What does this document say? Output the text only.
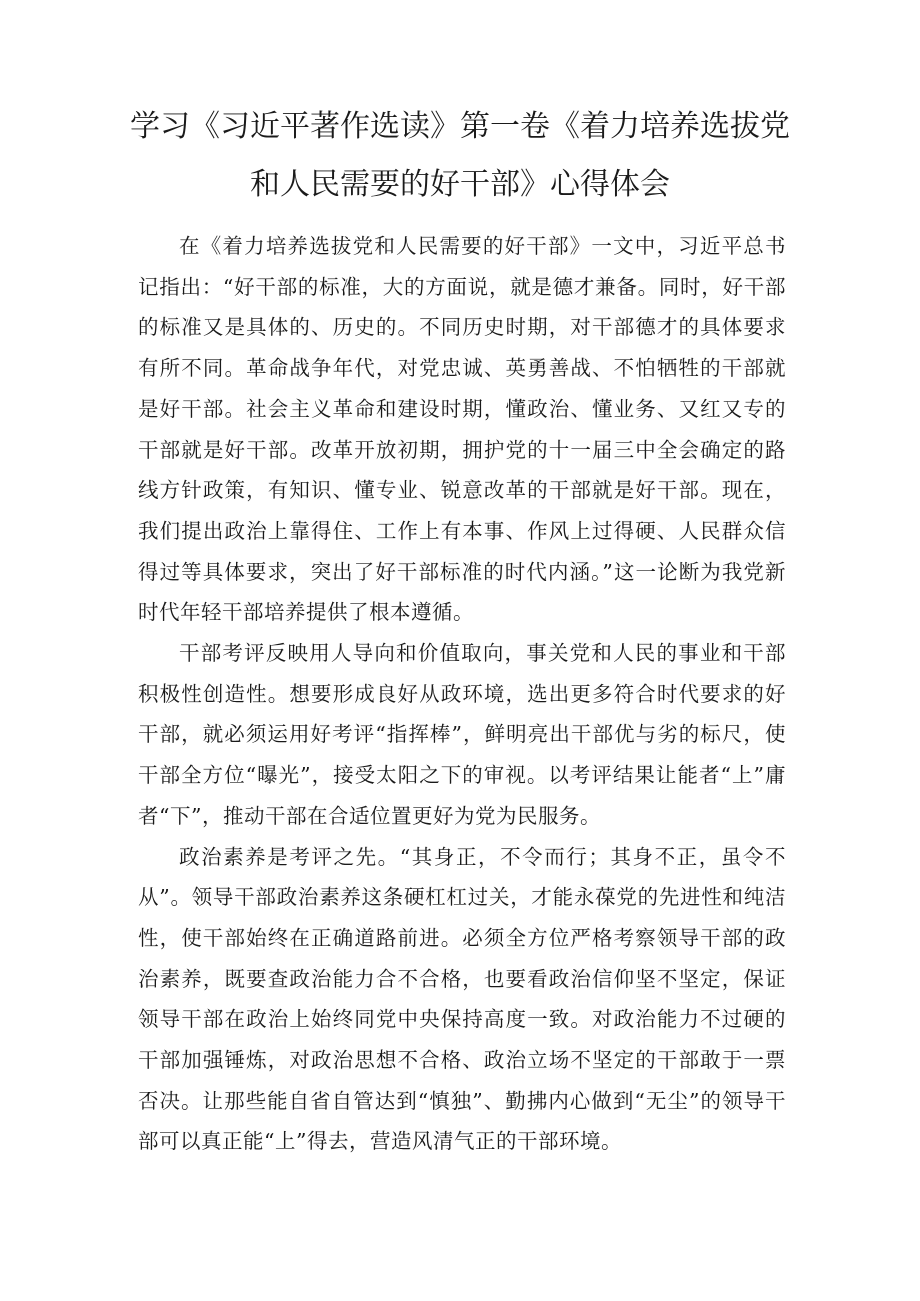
学习《习近平著作选读》第一卷《着力培养选拔党
和人民需要的好干部》心得体会

在《着力培养选拔党和人民需要的好干部》一文中，习近平总书记指出：“好干部的标准，大的方面说，就是德才兼备。同时，好干部的标准又是具体的、历史的。不同历史时期，对干部德才的具体要求有所不同。革命战争年代，对党忠诚、英勇善战、不怕牺牲的干部就是好干部。社会主义革命和建设时期，懂政治、懂业务、又红又专的干部就是好干部。改革开放初期，拥护党的十一届三中全会确定的路线方针政策，有知识、懂专业、锐意改革的干部就是好干部。现在，我们提出政治上靠得住、工作上有本事、作风上过得硬、人民群众信得过等具体要求，突出了好干部标准的时代内涵。”这一论断为我党新时代年轻干部培养提供了根本遵循。

干部考评反映用人导向和价值取向，事关党和人民的事业和干部积极性创造性。想要形成良好从政环境，选出更多符合时代要求的好干部，就必须运用好考评“指挥棒”，鲜明亮出干部优与劣的标尺，使干部全方位“曝光”，接受太阳之下的审视。以考评结果让能者“上”庸者“下”，推动干部在合适位置更好为党为民服务。

政治素养是考评之先。“其身正，不令而行；其身不正，虽令不从”。领导干部政治素养这条硬杠杠过关，才能永葆党的先进性和纯洁性，使干部始终在正确道路前进。必须全方位严格考察领导干部的政治素养，既要查政治能力合不合格，也要看政治信仰坚不坚定，保证领导干部在政治上始终同党中央保持高度一致。对政治能力不过硬的干部加强锤炼，对政治思想不合格、政治立场不坚定的干部敢于一票否决。让那些能自省自管达到“慎独”、勤拂内心做到“无尘”的领导干部可以真正能“上”得去，营造风清气正的干部环境。
